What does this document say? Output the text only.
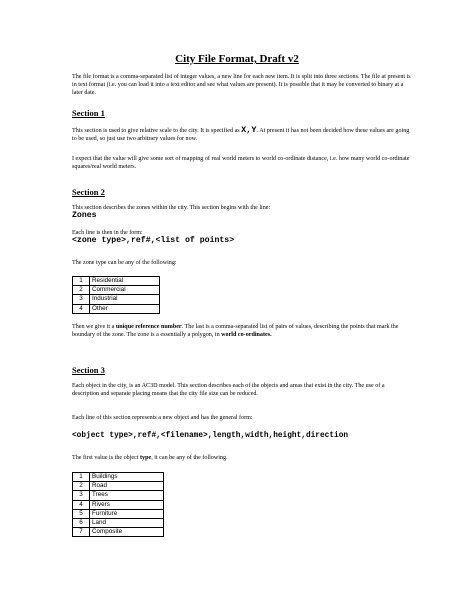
City File Format, Draft v2

The file format is a comma-separated list of integer values, a new line for each new item. It is split into three sections. The file at present is in text format (i.e. you can load it into a text editor and see what values are present). It is possible that it may be converted to binary at a later date.

Section 1

This section is used to give relative scale to the city. It is specified as X,Y. At present it has not been decided how these values are going to be used, so just use two arbitrary values for now.

I expect that the value will give some sort of mapping of real world meters to world co-ordinate distance, i.e. how many world co-ordinate squares/real world meters.

Section 2

This section describes the zones within the city. This section begins with the line:

Zones

Each line is then in the form:

<zone type>,ref#,<list of points>

The zone type can be any of the following:

1	Residential
2	Commercial
3	Industrial
4	Other

Then we give it a unique reference number. The last is a comma-separated list of pairs of values, describing the points that mark the boundary of the zone. The zone is a essentially a polygon, in world co-ordinates.

Section 3

Each object in the city, is an AC3D model. This section describes each of the objects and areas that exist in the city. The use of a description and separate placing means that the city file size can be reduced.

Each line of this section represents a new object and has the general form:

<object type>,ref#,<filename>,length,width,height,direction

The first value is the object type, it can be any of the following.

1	Buildings
2	Road
3	Trees
4	Rivers
5	Furniture
6	Land
7	Composite
